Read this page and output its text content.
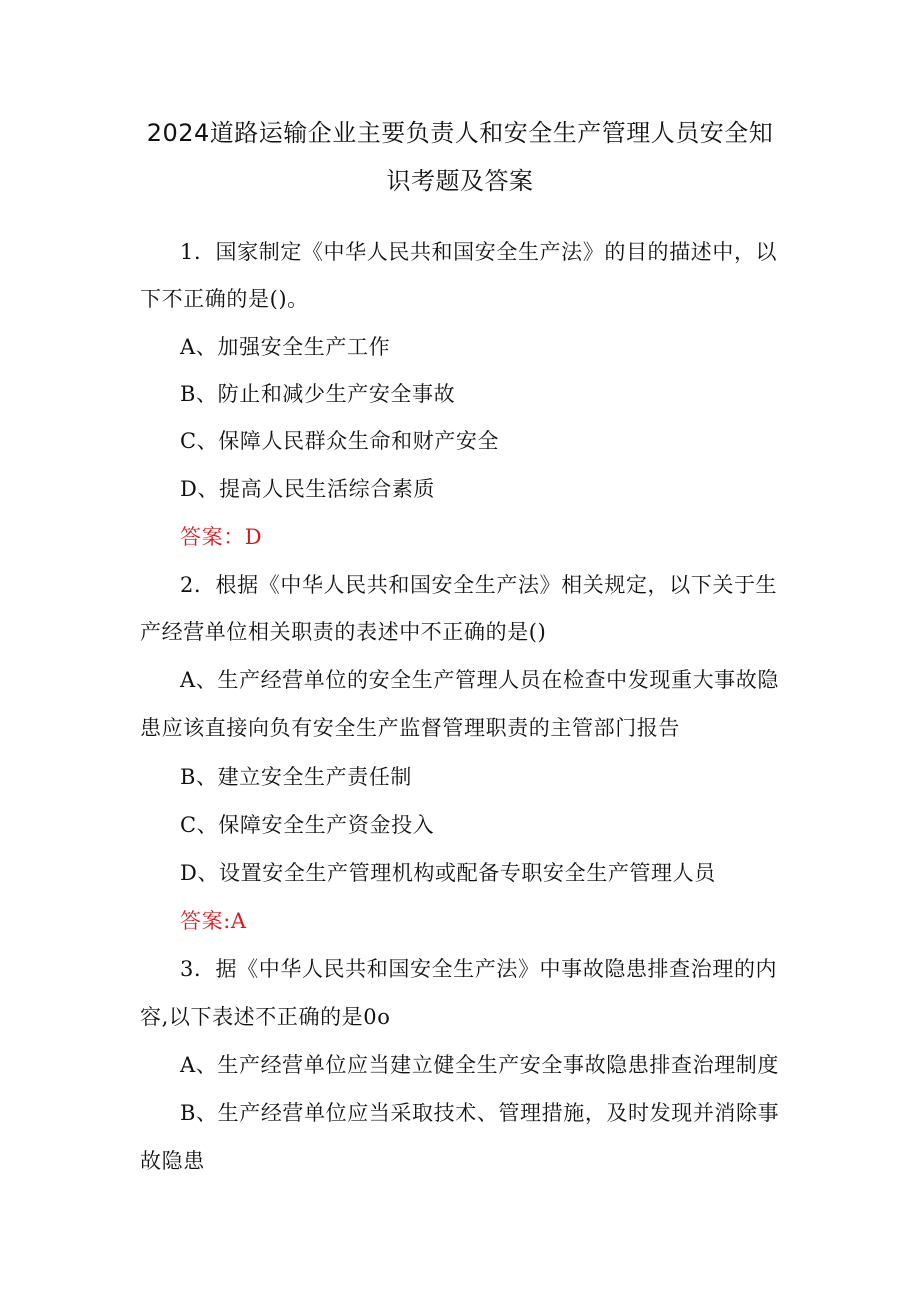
2024道路运输企业主要负责人和安全生产管理人员安全知
识考题及答案
1．国家制定《中华人民共和国安全生产法》的目的描述中，以
下不正确的是()。
A、加强安全生产工作
B、防止和减少生产安全事故
C、保障人民群众生命和财产安全
D、提高人民生活综合素质
答案：D
2．根据《中华人民共和国安全生产法》相关规定，以下关于生
产经营单位相关职责的表述中不正确的是()
A、生产经营单位的安全生产管理人员在检查中发现重大事故隐
患应该直接向负有安全生产监督管理职责的主管部门报告
B、建立安全生产责任制
C、保障安全生产资金投入
D、设置安全生产管理机构或配备专职安全生产管理人员
答案:A
3．据《中华人民共和国安全生产法》中事故隐患排查治理的内
容,以下表述不正确的是0o
A、生产经营单位应当建立健全生产安全事故隐患排查治理制度
B、生产经营单位应当采取技术、管理措施，及时发现并消除事
故隐患
